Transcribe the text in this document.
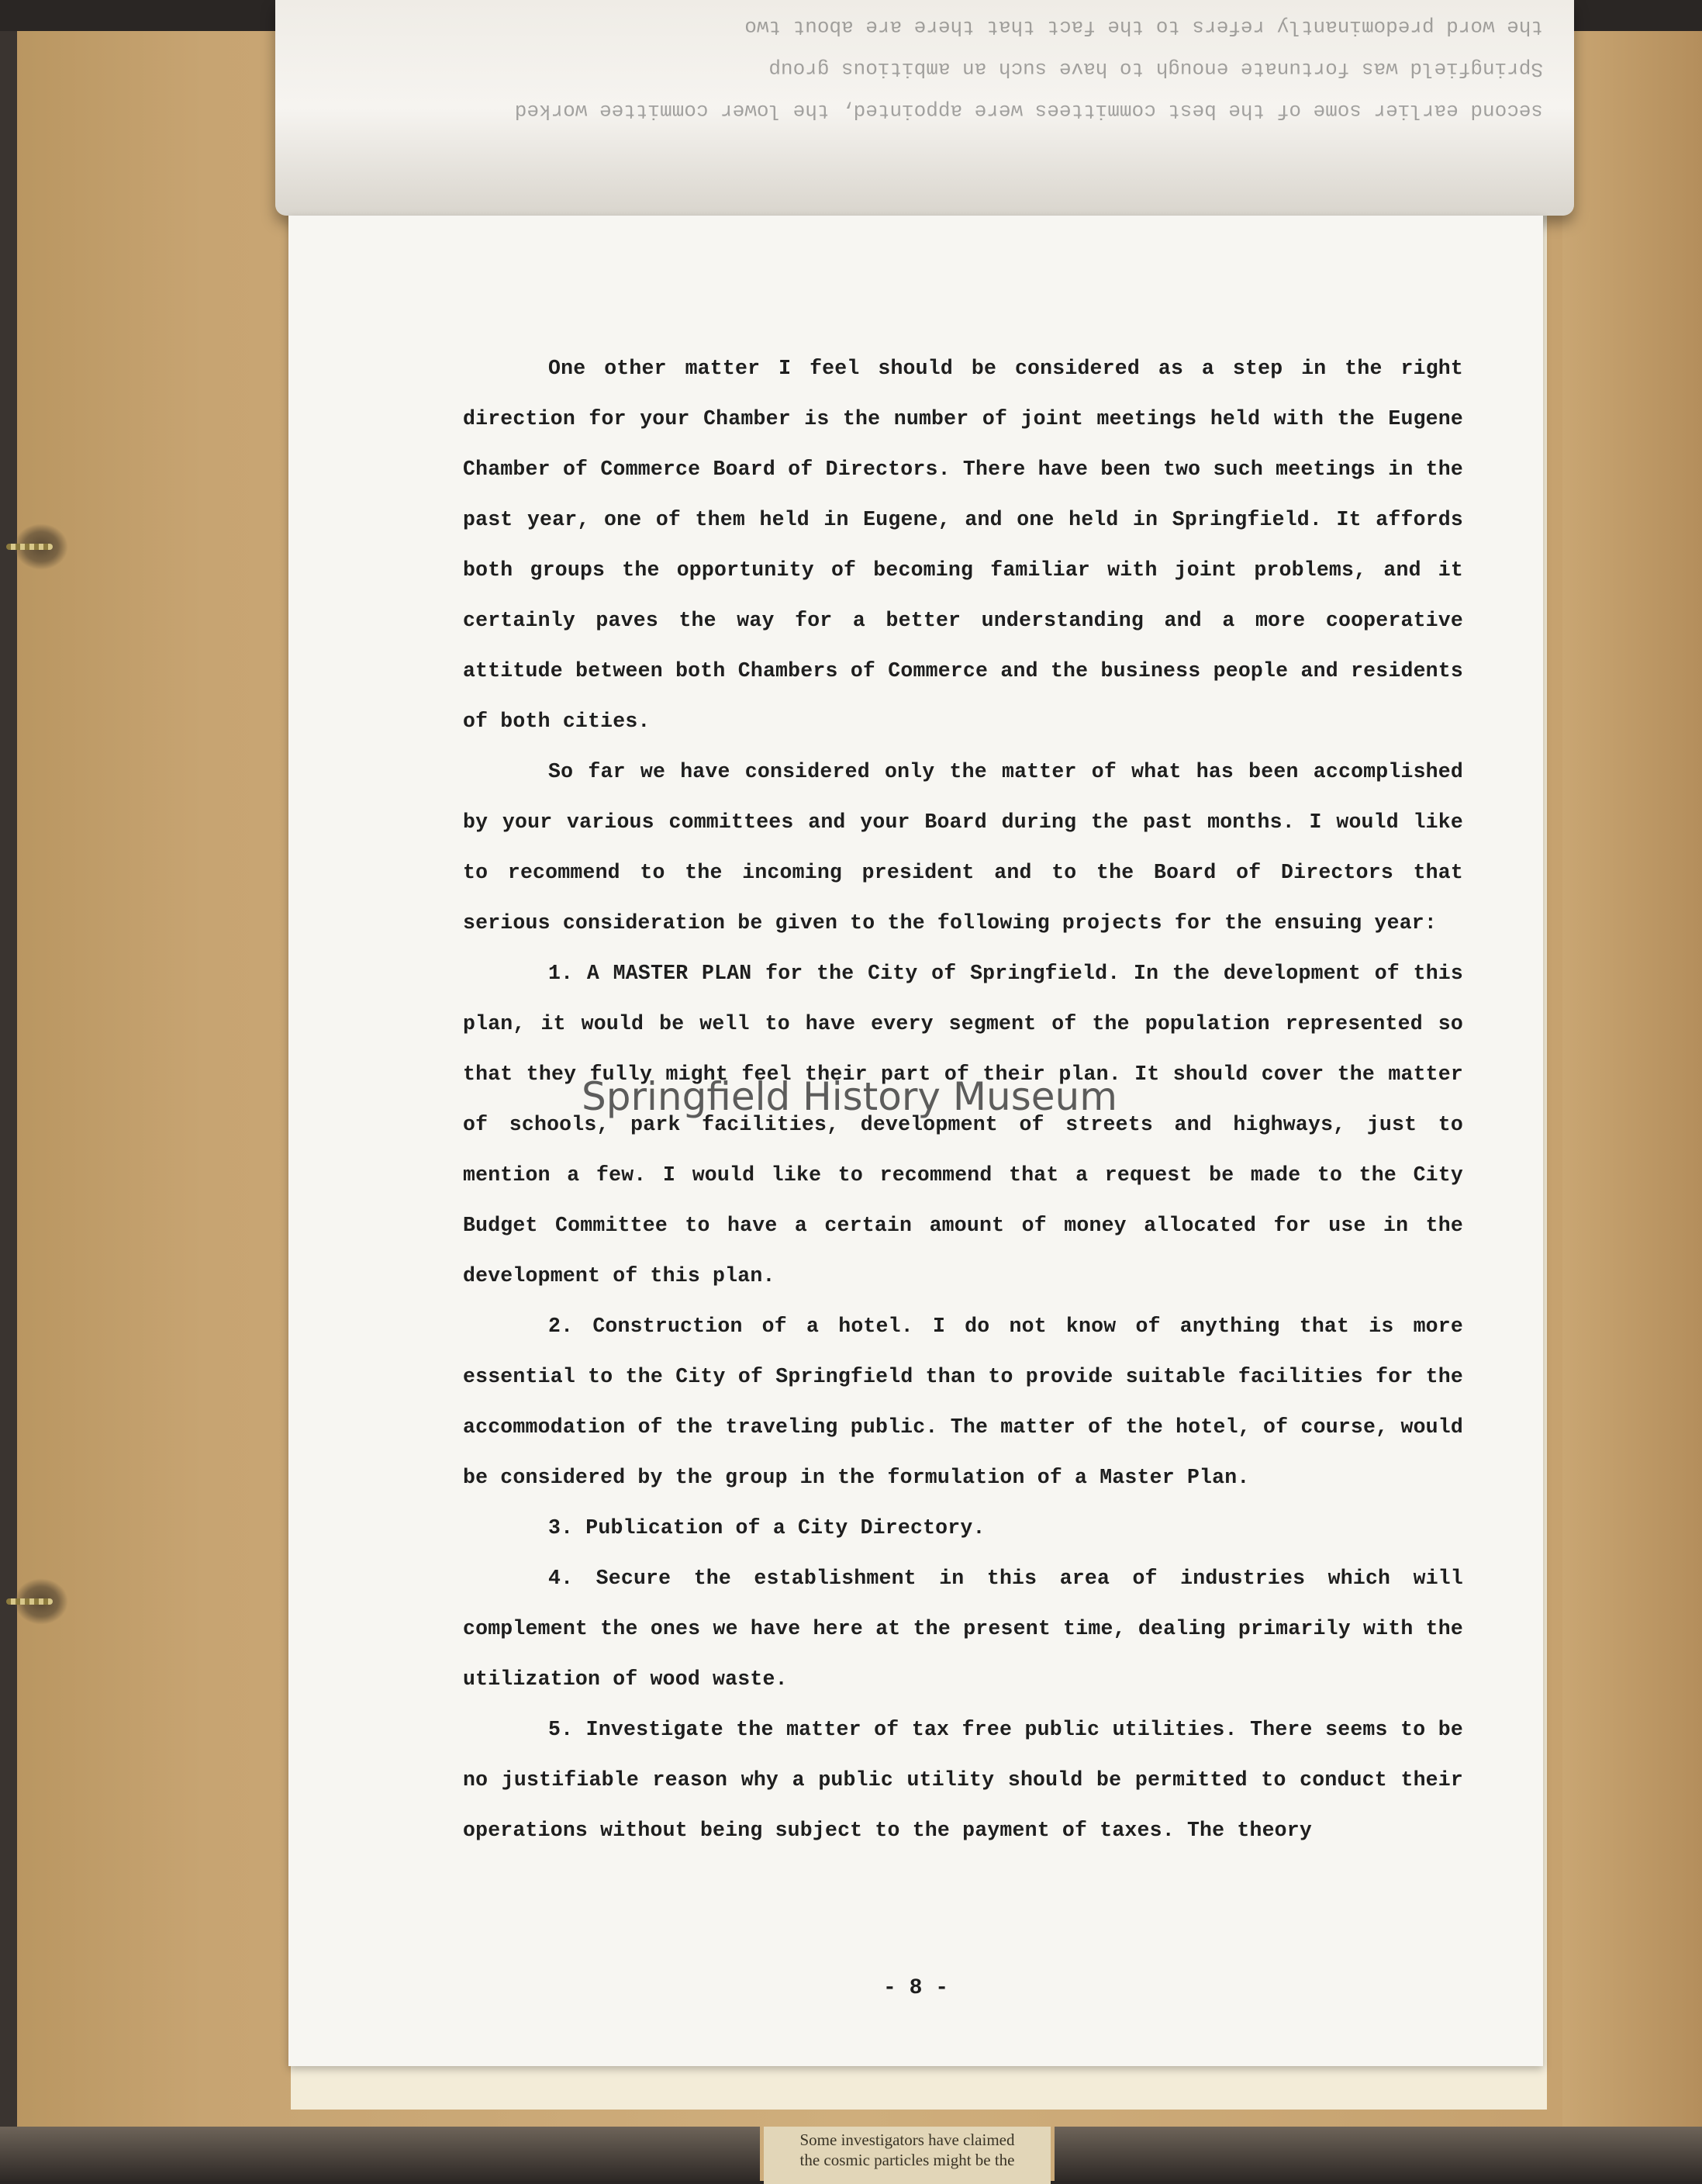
second earlier some of the best committees were appointed, the lower committee worked
Springfield was fortunate enough to have such an ambitious group
the word predominantly refers to the fact that there are about two

One other matter I feel should be considered as a step in the right direction for your Chamber is the number of joint meetings held with the Eugene Chamber of Commerce Board of Directors. There have been two such meetings in the past year, one of them held in Eugene, and one held in Springfield. It affords both groups the opportunity of becoming familiar with joint problems, and it certainly paves the way for a better understanding and a more cooperative attitude between both Chambers of Commerce and the business people and residents of both cities.

So far we have considered only the matter of what has been accomplished by your various committees and your Board during the past months. I would like to recommend to the incoming president and to the Board of Directors that serious consideration be given to the following projects for the ensuing year:

1. A MASTER PLAN for the City of Springfield. In the development of this plan, it would be well to have every segment of the population represented so that they fully might feel their part of their plan. It should cover the matter of schools, park facilities, development of streets and highways, just to mention a few. I would like to recommend that a request be made to the City Budget Committee to have a certain amount of money allocated for use in the development of this plan.

2. Construction of a hotel. I do not know of anything that is more essential to the City of Springfield than to provide suitable facilities for the accommodation of the traveling public. The matter of the hotel, of course, would be considered by the group in the formulation of a Master Plan.

3. Publication of a City Directory.

4. Secure the establishment in this area of industries which will complement the ones we have here at the present time, dealing primarily with the utilization of wood waste.

5. Investigate the matter of tax free public utilities. There seems to be no justifiable reason why a public utility should be permitted to conduct their operations without being subject to the payment of taxes. The theory

- 8 -
Springfield History Museum
Some investigators have claimed
the cosmic particles might be the
